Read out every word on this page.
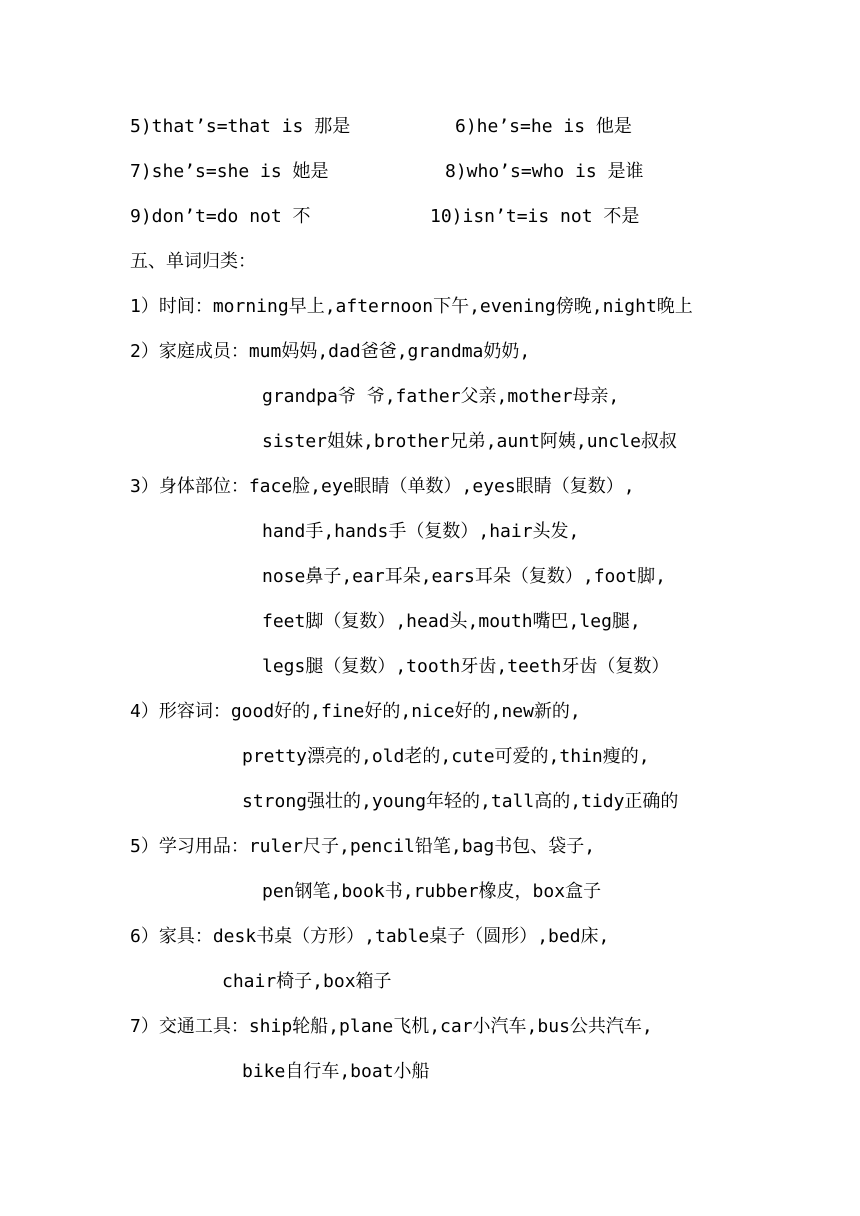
5)that’s=that is 那是	6)he’s=he is 他是
7)she’s=she is 她是	8)who’s=who is 是谁
9)don’t=do not 不	10)isn’t=is not 不是
五、单词归类：
1）时间：morning早上,afternoon下午,evening傍晚,night晚上
2）家庭成员：mum妈妈,dad爸爸,grandma奶奶,
grandpa爷 爷,father父亲,mother母亲,
sister姐妹,brother兄弟,aunt阿姨,uncle叔叔
3）身体部位：face脸,eye眼睛（单数）,eyes眼睛（复数）,
hand手,hands手（复数）,hair头发,
nose鼻子,ear耳朵,ears耳朵（复数）,foot脚,
feet脚（复数）,head头,mouth嘴巴,leg腿,
legs腿（复数）,tooth牙齿,teeth牙齿（复数）
4）形容词：good好的,fine好的,nice好的,new新的,
pretty漂亮的,old老的,cute可爱的,thin瘦的,
strong强壮的,young年轻的,tall高的,tidy正确的
5）学习用品：ruler尺子,pencil铅笔,bag书包、袋子,
pen钢笔,book书,rubber橡皮，box盒子
6）家具：desk书桌（方形）,table桌子（圆形）,bed床,
chair椅子,box箱子
7）交通工具：ship轮船,plane飞机,car小汽车,bus公共汽车,
bike自行车,boat小船
